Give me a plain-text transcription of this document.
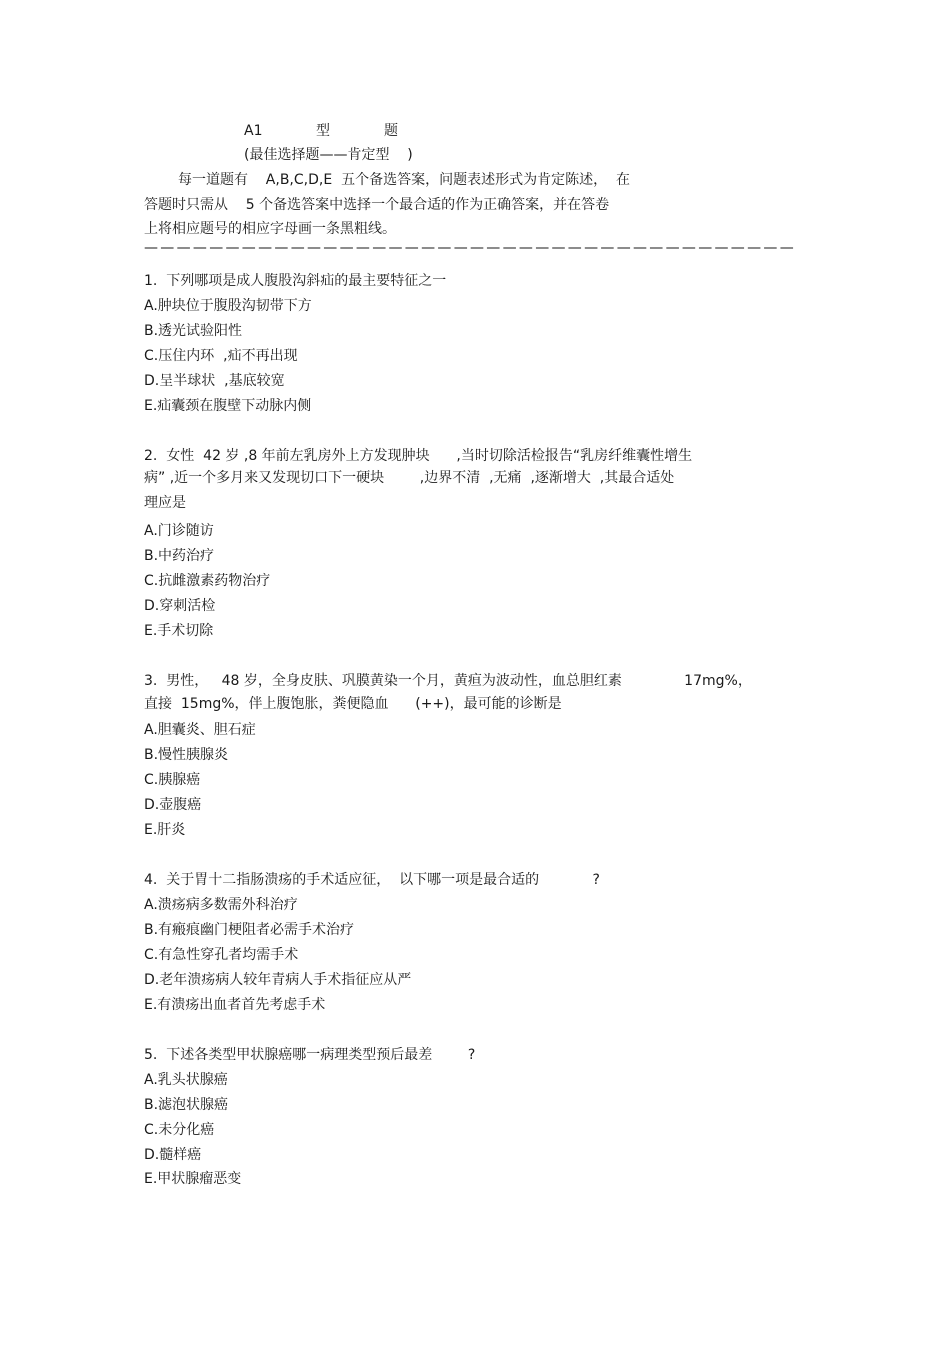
A1	型	题
(最佳选择题——肯定型    )
每一道题有    A,B,C,D,E  五个备选答案，问题表述形式为肯定陈述，  在
答题时只需从    5 个备选答案中选择一个最合适的作为正确答案，并在答卷
上将相应题号的相应字母画一条黑粗线。
————————————————————————————————————————
1.  下列哪项是成人腹股沟斜疝的最主要特征之一
A.肿块位于腹股沟韧带下方
B.透光试验阳性
C.压住内环  ,疝不再出现
D.呈半球状  ,基底较宽
E.疝囊颈在腹壁下动脉内侧
2.  女性  42 岁 ,8 年前左乳房外上方发现肿块      ,当时切除活检报告“乳房纤维囊性增生
病” ,近一个多月来又发现切口下一硬块        ,边界不清  ,无痛  ,逐渐增大  ,其最合适处
理应是
A.门诊随访
B.中药治疗
C.抗雌激素药物治疗
D.穿刺活检
E.手术切除
3.  男性，   48 岁，全身皮肤、巩膜黄染一个月，黄疸为波动性，血总胆红素              17mg%，
直接  15mg%，伴上腹饱胀，粪便隐血      (++)，最可能的诊断是
A.胆囊炎、胆石症
B.慢性胰腺炎
C.胰腺癌
D.壶腹癌
E.肝炎
4.  关于胃十二指肠溃疡的手术适应征，  以下哪一项是最合适的            ?
A.溃疡病多数需外科治疗
B.有瘢痕幽门梗阻者必需手术治疗
C.有急性穿孔者均需手术
D.老年溃疡病人较年青病人手术指征应从严
E.有溃疡出血者首先考虑手术
5.  下述各类型甲状腺癌哪一病理类型预后最差        ?
A.乳头状腺癌
B.滤泡状腺癌
C.未分化癌
D.髓样癌
E.甲状腺瘤恶变
